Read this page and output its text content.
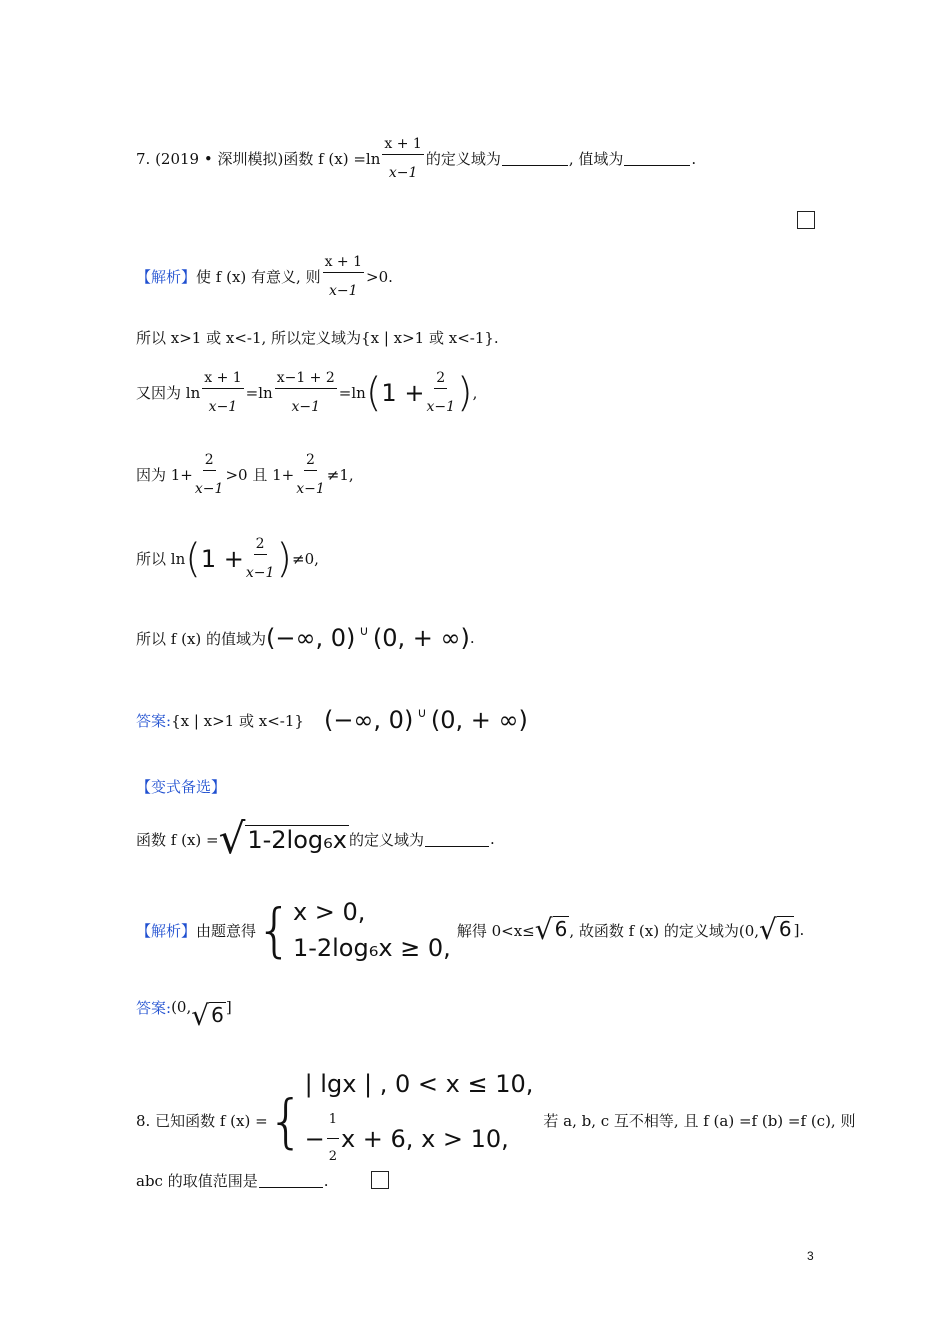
7. (2019 • 深圳模拟)函数 f $(x) =\ln \frac{x + 1}{x-1}$ 的定义域为	, 值域为	.
【解析】 使 f (x) 有意义, 则 $\frac{x + 1}{x-1} >0$.
所以 x>1 或 x<-1, 所以定义域为{x | x>1 或 x<-1}.
又因为 $\ln \frac{x + 1}{x-1} =\ln \frac{x-1 + 2}{x-1} =\ln$ ( $1 + \frac{2}{x-1}$ ) ,
因为 $1+ \frac{2}{x-1} >0$ 且 $1+ \frac{2}{x-1} \ne 1$,
所以 ln ( $1 + \frac{2}{x-1}$ ) ≠0,
所以 f (x) 的值域为 (−∞, 0) ∪ (0, + ∞) .
答案: {x | x>1 或 x<-1} (−∞, 0) ∪ (0, + ∞)
【变式备选】
函数 f (x) = √ 1-2log₆x 的定义域为	.
【解析】 由题意得 { x > 0,
1-2log₆x ≥ 0,
解得 0<x≤ √ 6 , 故函数 f (x) 的定义域为(0, √ 6 ].
答案: (0, √ 6 ]
8. 已知函数 f (x) = {
| lgx | , 0 < x ≤ 10,
− $\frac{1}{2}$ x + 6, x > 10,
若 a, b, c 互不相等, 且 f (a) =f (b) =f (c), 则
abc 的取值范围是	.
3
